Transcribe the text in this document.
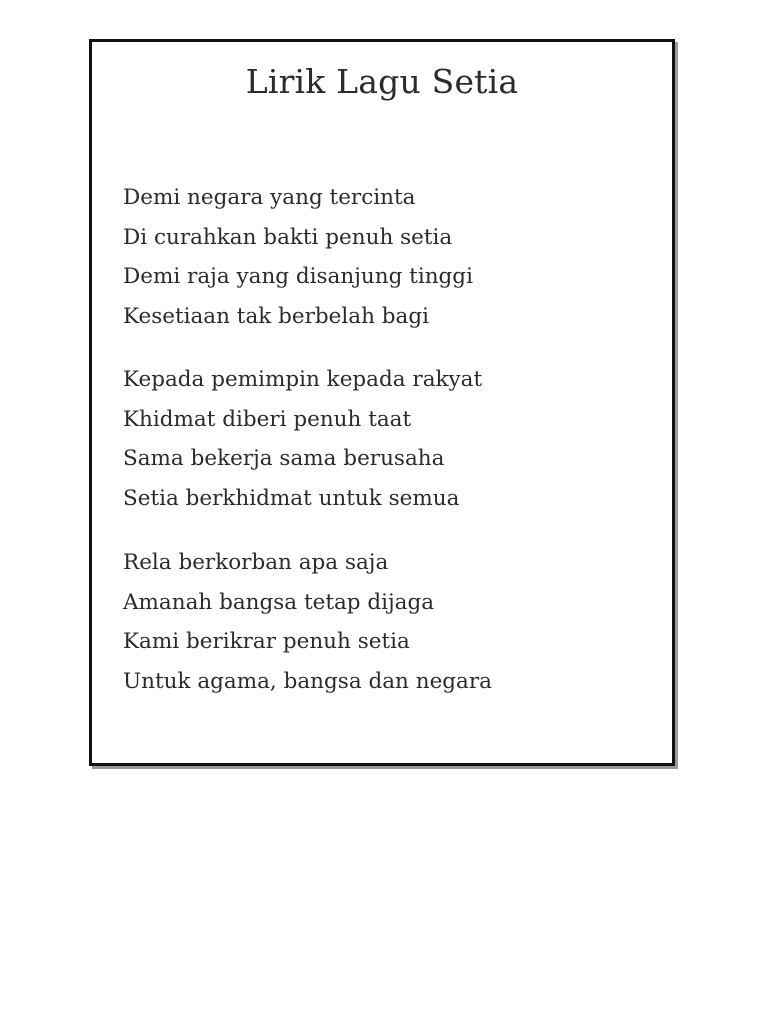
Lirik Lagu Setia
Demi negara yang tercinta
Di curahkan bakti penuh setia
Demi raja yang disanjung tinggi
Kesetiaan tak berbelah bagi
Kepada pemimpin kepada rakyat
Khidmat diberi penuh taat
Sama bekerja sama berusaha
Setia berkhidmat untuk semua
Rela berkorban apa saja
Amanah bangsa tetap dijaga
Kami berikrar penuh setia
Untuk agama, bangsa dan negara
